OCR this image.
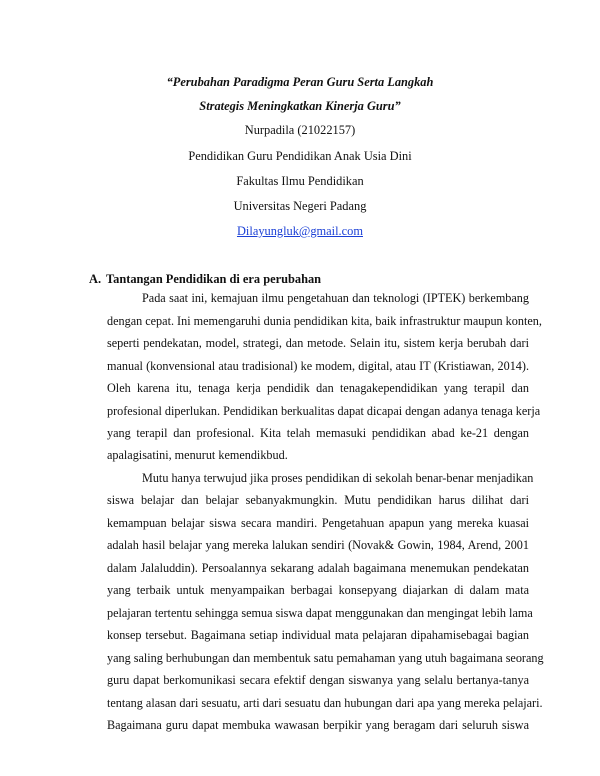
“Perubahan Paradigma Peran Guru Serta Langkah
Strategis Meningkatkan Kinerja Guru”
Nurpadila (21022157)
Pendidikan Guru Pendidikan Anak Usia Dini
Fakultas Ilmu Pendidikan
Universitas Negeri Padang
Dilayungluk@gmail.com
A. Tantangan Pendidikan di era perubahan
Pada saat ini, kemajuan ilmu pengetahuan dan teknologi (IPTEK) berkembang
dengan cepat. Ini memengaruhi dunia pendidikan kita, baik infrastruktur maupun konten,
seperti pendekatan, model, strategi, dan metode. Selain itu, sistem kerja berubah dari
manual (konvensional atau tradisional) ke modem, digital, atau IT (Kristiawan, 2014).
Oleh karena itu, tenaga kerja pendidik dan tenagakependidikan yang terapil dan
profesional diperlukan. Pendidikan berkualitas dapat dicapai dengan adanya tenaga kerja
yang terapil dan profesional. Kita telah memasuki pendidikan abad ke-21 dengan
apalagisatini, menurut kemendikbud.
Mutu hanya terwujud jika proses pendidikan di sekolah benar-benar menjadikan
siswa belajar dan belajar sebanyakmungkin. Mutu pendidikan harus dilihat dari
kemampuan belajar siswa secara mandiri. Pengetahuan apapun yang mereka kuasai
adalah hasil belajar yang mereka lalukan sendiri (Novak& Gowin, 1984, Arend, 2001
dalam Jalaluddin). Persoalannya sekarang adalah bagaimana menemukan pendekatan
yang terbaik untuk menyampaikan berbagai konsepyang diajarkan di dalam mata
pelajaran tertentu sehingga semua siswa dapat menggunakan dan mengingat lebih lama
konsep tersebut. Bagaimana setiap individual mata pelajaran dipahamisebagai bagian
yang saling berhubungan dan membentuk satu pemahaman yang utuh bagaimana seorang
guru dapat berkomunikasi secara efektif dengan siswanya yang selalu bertanya-tanya
tentang alasan dari sesuatu, arti dari sesuatu dan hubungan dari apa yang mereka pelajari.
Bagaimana guru dapat membuka wawasan berpikir yang beragam dari seluruh siswa
